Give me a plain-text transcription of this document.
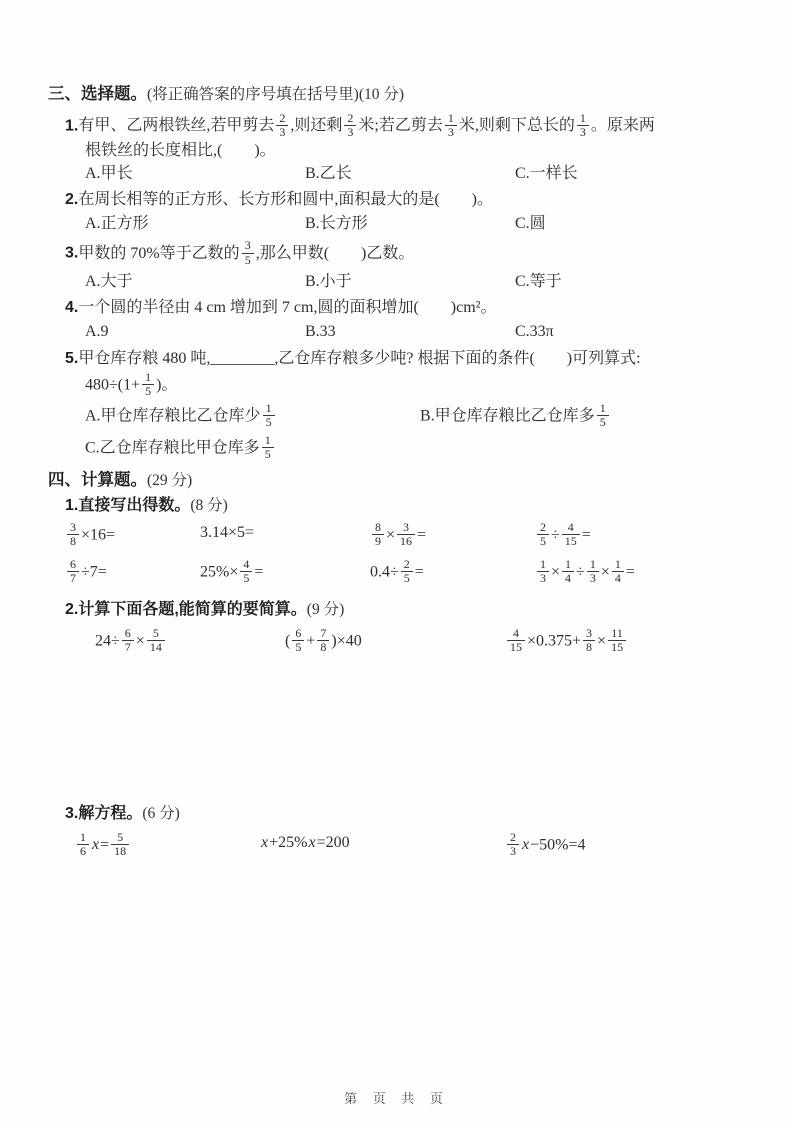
三、选择题。(将正确答案的序号填在括号里)(10 分)
1.有甲、乙两根铁丝,若甲剪去 $\frac{2}{3}$ ,则还剩 $\frac{2}{3}$ 米;若乙剪去 $\frac{1}{3}$ 米,则剩下总长的 $\frac{1}{3}$ 。原来两
根铁丝的长度相比,(　　)。
A.甲长	B.乙长	C.一样长
2.在周长相等的正方形、长方形和圆中,面积最大的是(　　)。
A.正方形	B.长方形	C.圆
3.甲数的 70%等于乙数的 $\frac{3}{5}$ ,那么甲数(　　)乙数。
A.大于	B.小于	C.等于
4.一个圆的半径由 4 cm 增加到 7 cm,圆的面积增加(　　)cm²。
A.9	B.33	C.33π
5.甲仓库存粮 480 吨,________,乙仓库存粮多少吨? 根据下面的条件(　　)可列算式:
$480\div(1+ \frac{1}{5}$ )。
A.甲仓库存粮比乙仓库少 $\frac{1}{5}$	B.甲仓库存粮比乙仓库多 $\frac{1}{5}$
C.乙仓库存粮比甲仓库多 $\frac{1}{5}$
四、计算题。(29 分)
1.直接写出得数。(8 分)
$\frac{3}{8} \times 16=$	3.14×5=	$\frac{8}{9} \times \frac{3}{16}$ =	$\frac{2}{5} \div \frac{4}{15}$ =
$\frac{6}{7} \div 7=$	$25\%\times \frac{4}{5}$ =	$0.4\div \frac{2}{5}$ =	$\frac{1}{3} \times \frac{1}{4} \div \frac{1}{3} \times \frac{1}{4}$ =
2.计算下面各题,能简算的要简算。(9 分)
$24\div \frac{6}{7} \times \frac{5}{14}$	( $\frac{6}{5} + \frac{7}{8} )\times 40$	$\frac{4}{15} \times 0.375+ \frac{3}{8} \times \frac{11}{15}$
3.解方程。(6 分)
$\frac{1}{6} x= \frac{5}{18}$	x+25%x=200	$\frac{2}{3} x-50\%=4$
第 页 共 页
